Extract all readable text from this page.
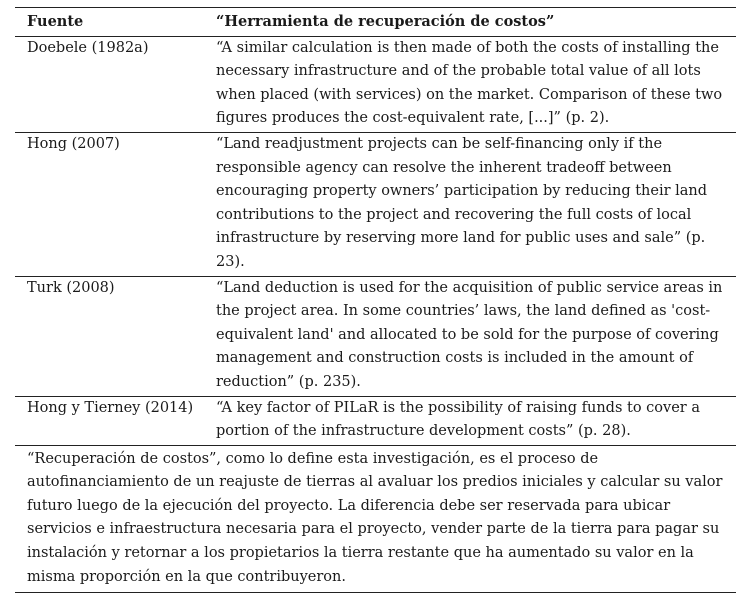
Fuente	“Herramienta de recuperación de costos”
Doebele (1982a)	“A similar calculation is then made of both the costs of installing the necessary infrastructure and of the probable total value of all lots when placed (with services) on the market. Comparison of these two figures produces the cost-equivalent rate, [...]” (p. 2).
Hong (2007)	“Land readjustment projects can be self-financing only if the responsible agency can resolve the inherent tradeoff between encouraging property owners’ participation by reducing their land contributions to the project and recovering the full costs of local infrastructure by reserving more land for public uses and sale” (p. 23).
Turk (2008)	“Land deduction is used for the acquisition of public service areas in the project area. In some countries’ laws, the land defined as 'cost-equivalent land' and allocated to be sold for the purpose of covering management and construction costs is included in the amount of reduction” (p. 235).
Hong y Tierney (2014)	“A key factor of PILaR is the possibility of raising funds to cover a portion of the infrastructure development costs” (p. 28).
“Recuperación de costos”, como lo define esta investigación, es el proceso de autofinanciamiento de un reajuste de tierras al avaluar los predios iniciales y calcular su valor futuro luego de la ejecución del proyecto. La diferencia debe ser reservada para ubicar servicios e infraestructura necesaria para el proyecto, vender parte de la tierra para pagar su instalación y retornar a los propietarios la tierra restante que ha aumentado su valor en la misma proporción en la que contribuyeron.	
